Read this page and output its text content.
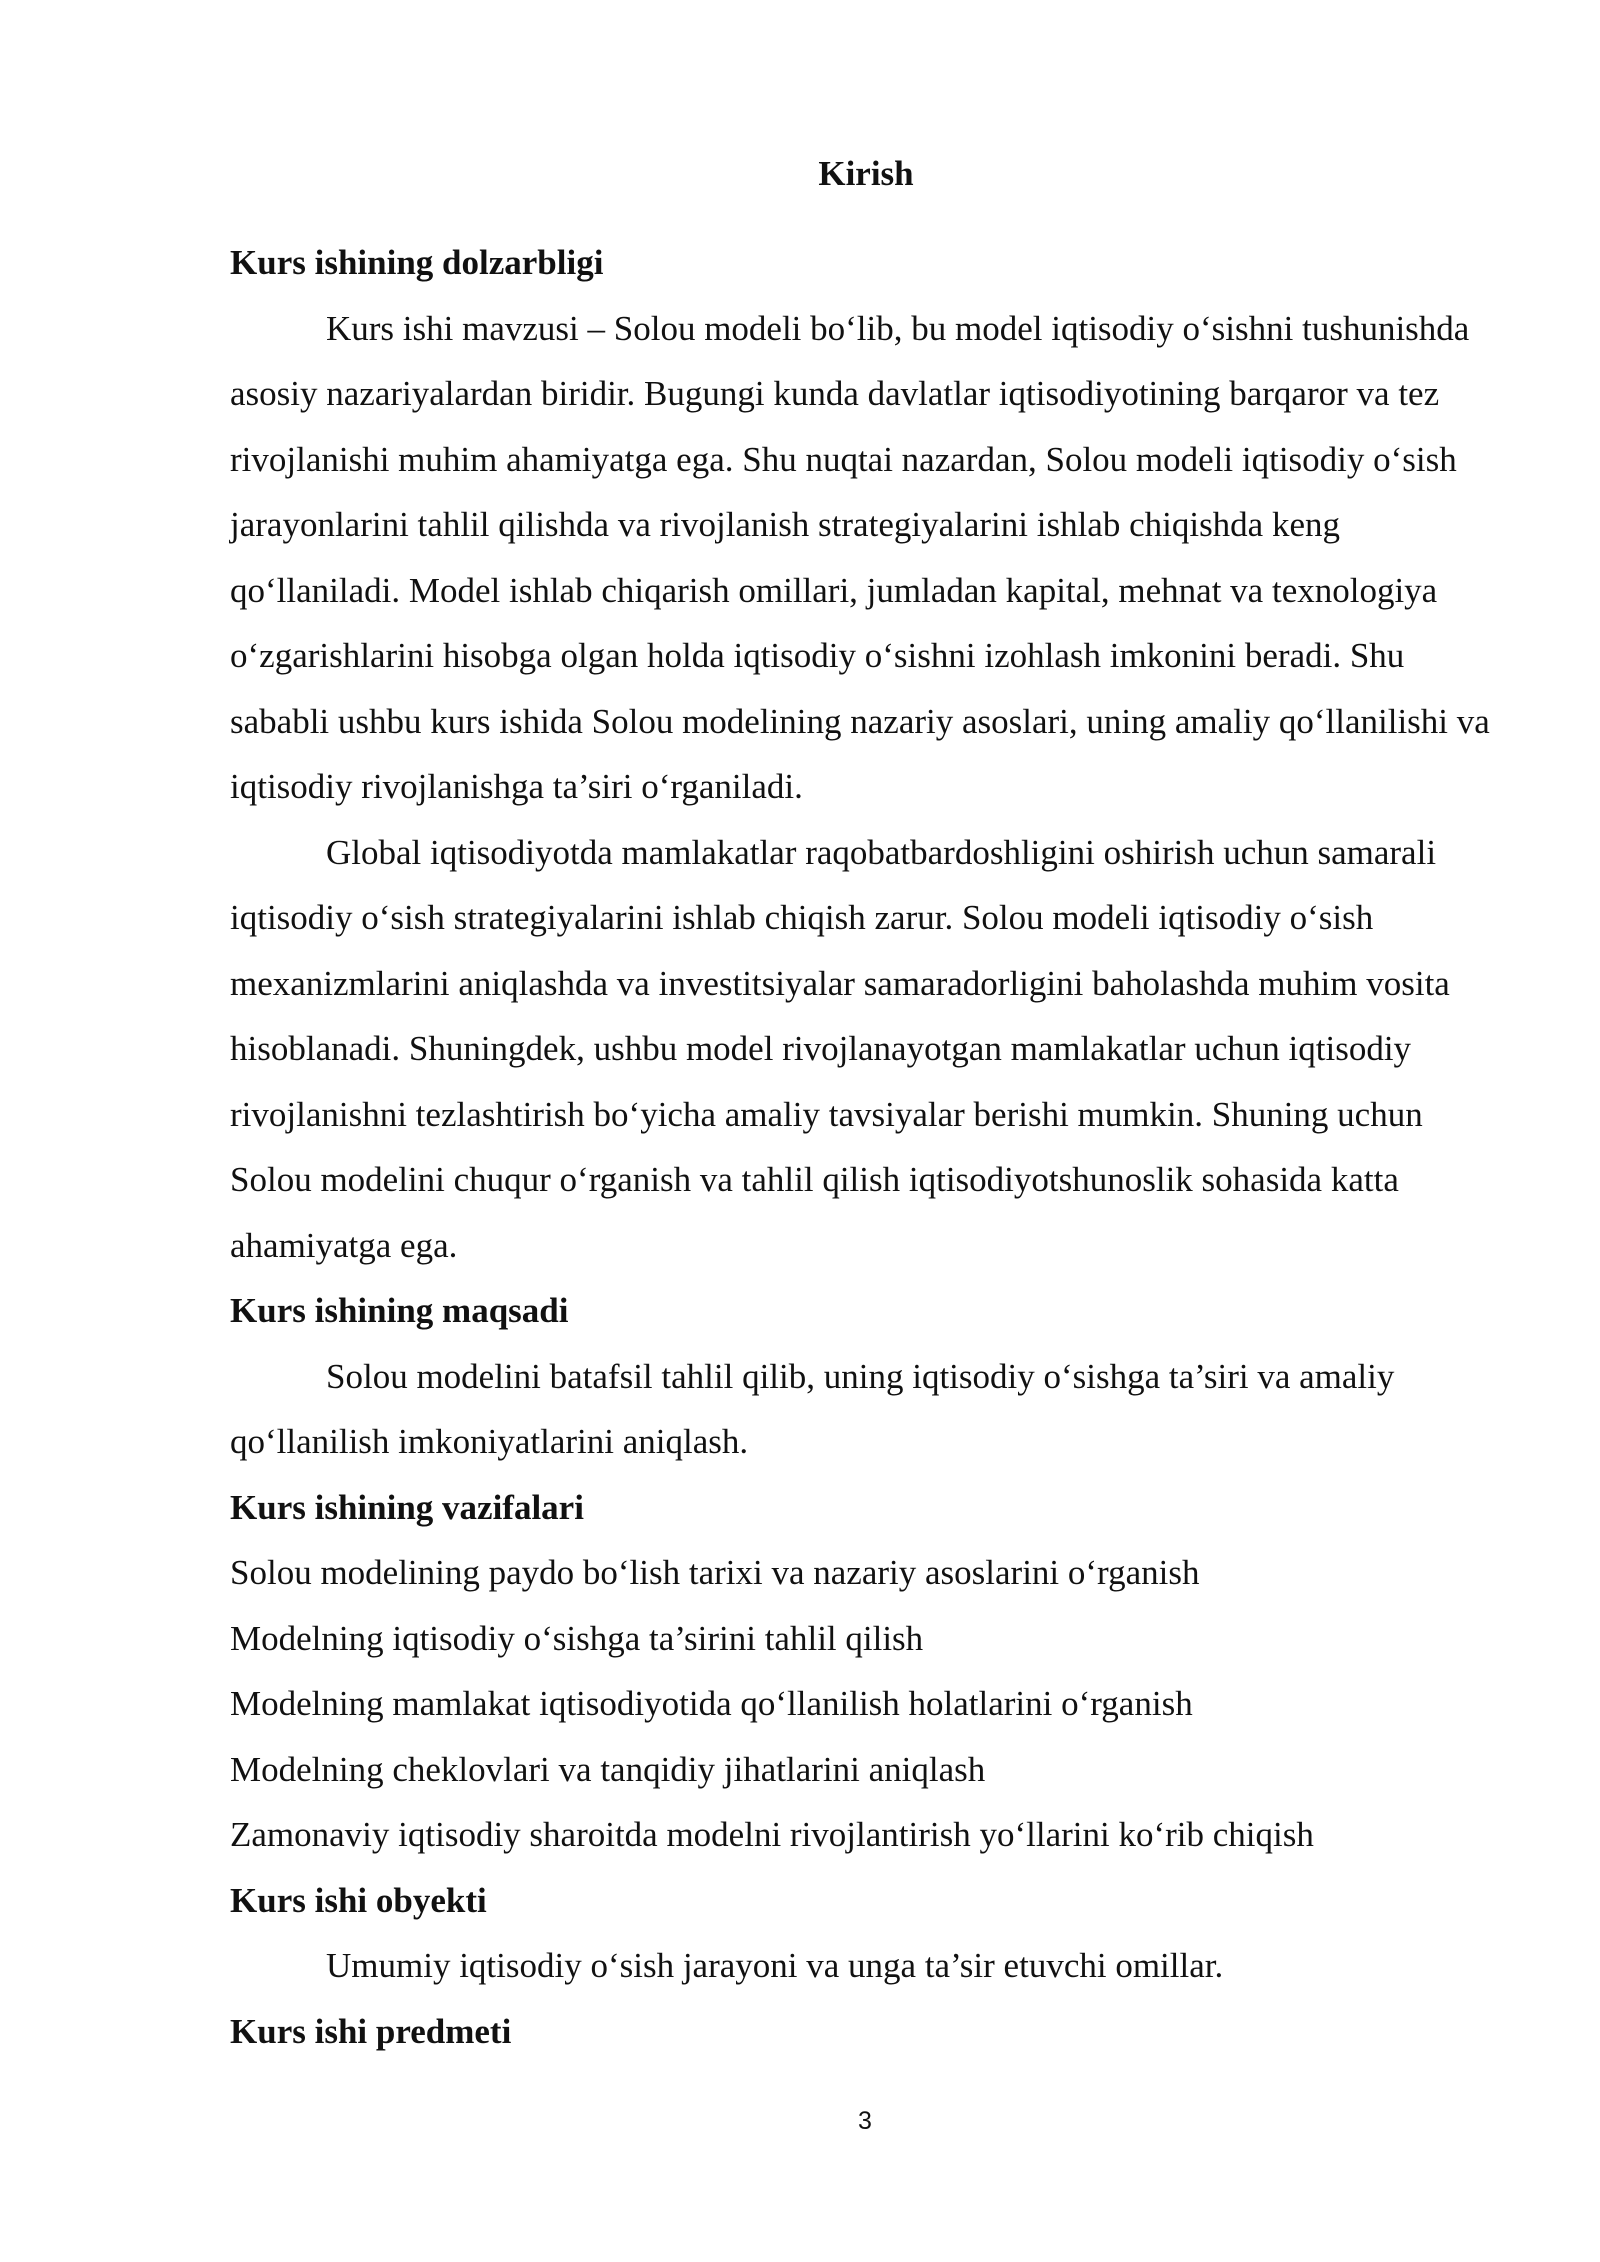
Kirish
Kurs ishining dolzarbligi

Kurs ishi mavzusi – Solou modeli bo‘lib, bu model iqtisodiy o‘sishni tushunishda asosiy nazariyalardan biridir. Bugungi kunda davlatlar iqtisodiyotining barqaror va tez rivojlanishi muhim ahamiyatga ega. Shu nuqtai nazardan, Solou modeli iqtisodiy o‘sish jarayonlarini tahlil qilishda va rivojlanish strategiyalarini ishlab chiqishda keng qo‘llaniladi. Model ishlab chiqarish omillari, jumladan kapital, mehnat va texnologiya o‘zgarishlarini hisobga olgan holda iqtisodiy o‘sishni izohlash imkonini beradi. Shu sababli ushbu kurs ishida Solou modelining nazariy asoslari, uning amaliy qo‘llanilishi va iqtisodiy rivojlanishga ta’siri o‘rganiladi.

Global iqtisodiyotda mamlakatlar raqobatbardoshligini oshirish uchun samarali iqtisodiy o‘sish strategiyalarini ishlab chiqish zarur. Solou modeli iqtisodiy o‘sish mexanizmlarini aniqlashda va investitsiyalar samaradorligini baholashda muhim vosita hisoblanadi. Shuningdek, ushbu model rivojlanayotgan mamlakatlar uchun iqtisodiy rivojlanishni tezlashtirish bo‘yicha amaliy tavsiyalar berishi mumkin. Shuning uchun Solou modelini chuqur o‘rganish va tahlil qilish iqtisodiyotshunoslik sohasida katta ahamiyatga ega.

Kurs ishining maqsadi

Solou modelini batafsil tahlil qilib, uning iqtisodiy o‘sishga ta’siri va amaliy qo‘llanilish imkoniyatlarini aniqlash.

Kurs ishining vazifalari

Solou modelining paydo bo‘lish tarixi va nazariy asoslarini o‘rganish

Modelning iqtisodiy o‘sishga ta’sirini tahlil qilish

Modelning mamlakat iqtisodiyotida qo‘llanilish holatlarini o‘rganish

Modelning cheklovlari va tanqidiy jihatlarini aniqlash

Zamonaviy iqtisodiy sharoitda modelni rivojlantirish yo‘llarini ko‘rib chiqish

Kurs ishi obyekti

Umumiy iqtisodiy o‘sish jarayoni va unga ta’sir etuvchi omillar.

Kurs ishi predmeti
3
